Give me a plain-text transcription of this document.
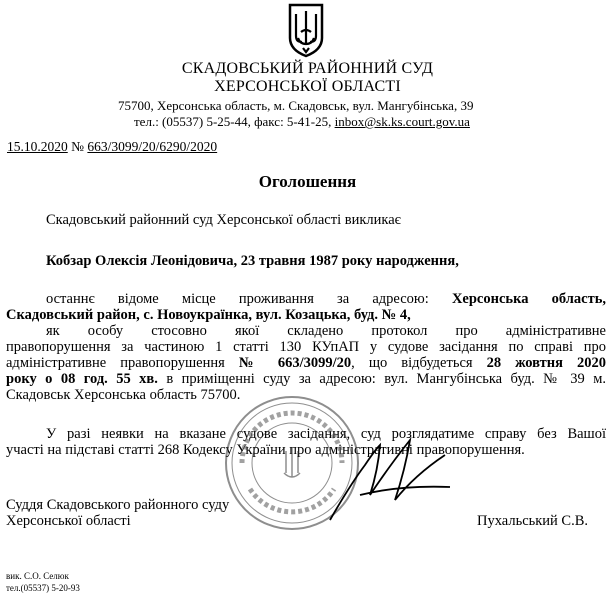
СКАДОВСЬКИЙ РАЙОННИЙ СУД
ХЕРСОНСЬКОЇ ОБЛАСТІ
75700, Херсонська область, м. Скадовськ, вул. Мангубінська, 39
тел.: (05537) 5-25-44, факс: 5-41-25, inbox@sk.ks.court.gov.ua
15.10.2020 № 663/3099/20/6290/2020
Оголошення
Скадовський районний суд Херсонської області викликає
Кобзар Олексія Леонідовича, 23 травня 1987 року народження,
останнє відоме місце проживання за адресою: Херсонська область,
Скадовський район, с. Новоукраїнка, вул. Козацька, буд. № 4,
як особу стосовно якої складено протокол про адміністративне
правопорушення за частиною 1 статті 130 КУпАП у судове засідання по справі про
адміністративне правопорушення № 663/3099/20, що відбудеться 28 жовтня 2020
року о 08 год. 55 хв. в приміщенні суду за адресою: вул. Мангубінська буд. № 39 м.
Скадовськ Херсонська область 75700.
У разі неявки на вказане судове засідання, суд розглядатиме справу без Вашої
участі на підставі статті 268 Кодексу України про адміністративні правопорушення.
Суддя Скадовського районного суду
Херсонської області	Пухальський С.В.
вик. С.О. Селюк
тел.(05537) 5-20-93
